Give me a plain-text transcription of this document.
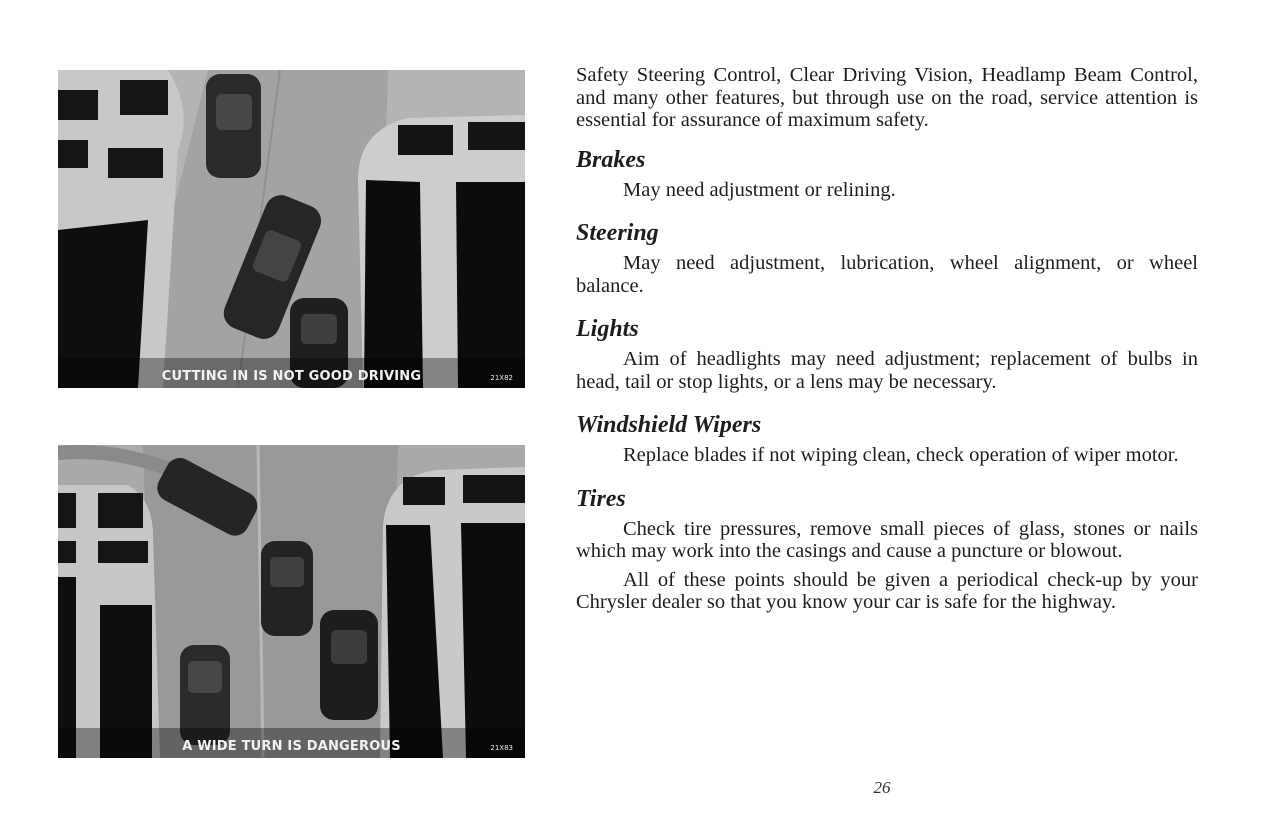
CUTTING IN IS NOT GOOD DRIVING	21X82
A WIDE TURN IS DANGEROUS	21X83

Safety Steering Control, Clear Driving Vision, Headlamp Beam Control, and many other features, but through use on the road, service attention is essential for assurance of maximum safety.

Brakes

May need adjustment or relining.

Steering

May need adjustment, lubrication, wheel alignment, or wheel balance.

Lights

Aim of headlights may need adjustment; replacement of bulbs in head, tail or stop lights, or a lens may be necessary.

Windshield Wipers

Replace blades if not wiping clean, check operation of wiper motor.

Tires

Check tire pressures, remove small pieces of glass, stones or nails which may work into the casings and cause a puncture or blowout.

All of these points should be given a periodical check-up by your Chrysler dealer so that you know your car is safe for the highway.

26
